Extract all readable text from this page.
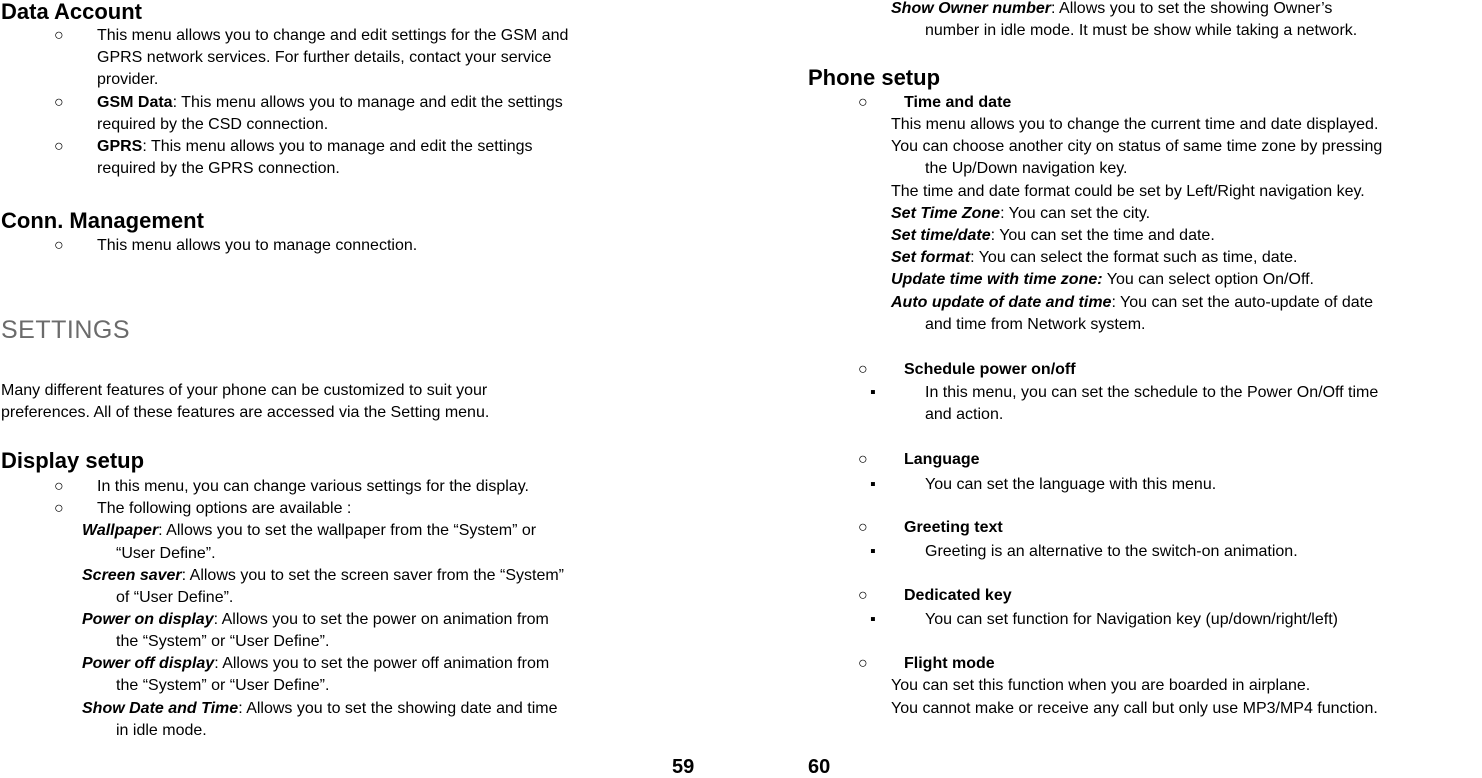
Data Account
○ This menu allows you to change and edit settings for the GSM and
GPRS network services. For further details, contact your service
provider.
○ GSM Data: This menu allows you to manage and edit the settings
required by the CSD connection.
○ GPRS: This menu allows you to manage and edit the settings
required by the GPRS connection.
Conn. Management
○ This menu allows you to manage connection.
SETTINGS
Many different features of your phone can be customized to suit your
preferences. All of these features are accessed via the Setting menu.
Display setup
○ In this menu, you can change various settings for the display.
○ The following options are available :
Wallpaper: Allows you to set the wallpaper from the “System” or
“User Define”.
Screen saver: Allows you to set the screen saver from the “System”
of “User Define”.
Power on display: Allows you to set the power on animation from
the “System” or “User Define”.
Power off display: Allows you to set the power off animation from
the “System” or “User Define”.
Show Date and Time: Allows you to set the showing date and time
in idle mode.
59
Show Owner number: Allows you to set the showing Owner’s
number in idle mode. It must be show while taking a network.
Phone setup
○ Time and date
This menu allows you to change the current time and date displayed.
You can choose another city on status of same time zone by pressing
the Up/Down navigation key.
The time and date format could be set by Left/Right navigation key.
Set Time Zone: You can set the city.
Set time/date: You can set the time and date.
Set format: You can select the format such as time, date.
Update time with time zone: You can select option On/Off.
Auto update of date and time: You can set the auto-update of date
and time from Network system.
○ Schedule power on/off
▪	In this menu, you can set the schedule to the Power On/Off time
and action.
○ Language
▪	You can set the language with this menu.
○ Greeting text
▪	Greeting is an alternative to the switch-on animation.
○ Dedicated key
▪	You can set function for Navigation key (up/down/right/left)
○ Flight mode
You can set this function when you are boarded in airplane.
You cannot make or receive any call but only use MP3/MP4 function.
60
